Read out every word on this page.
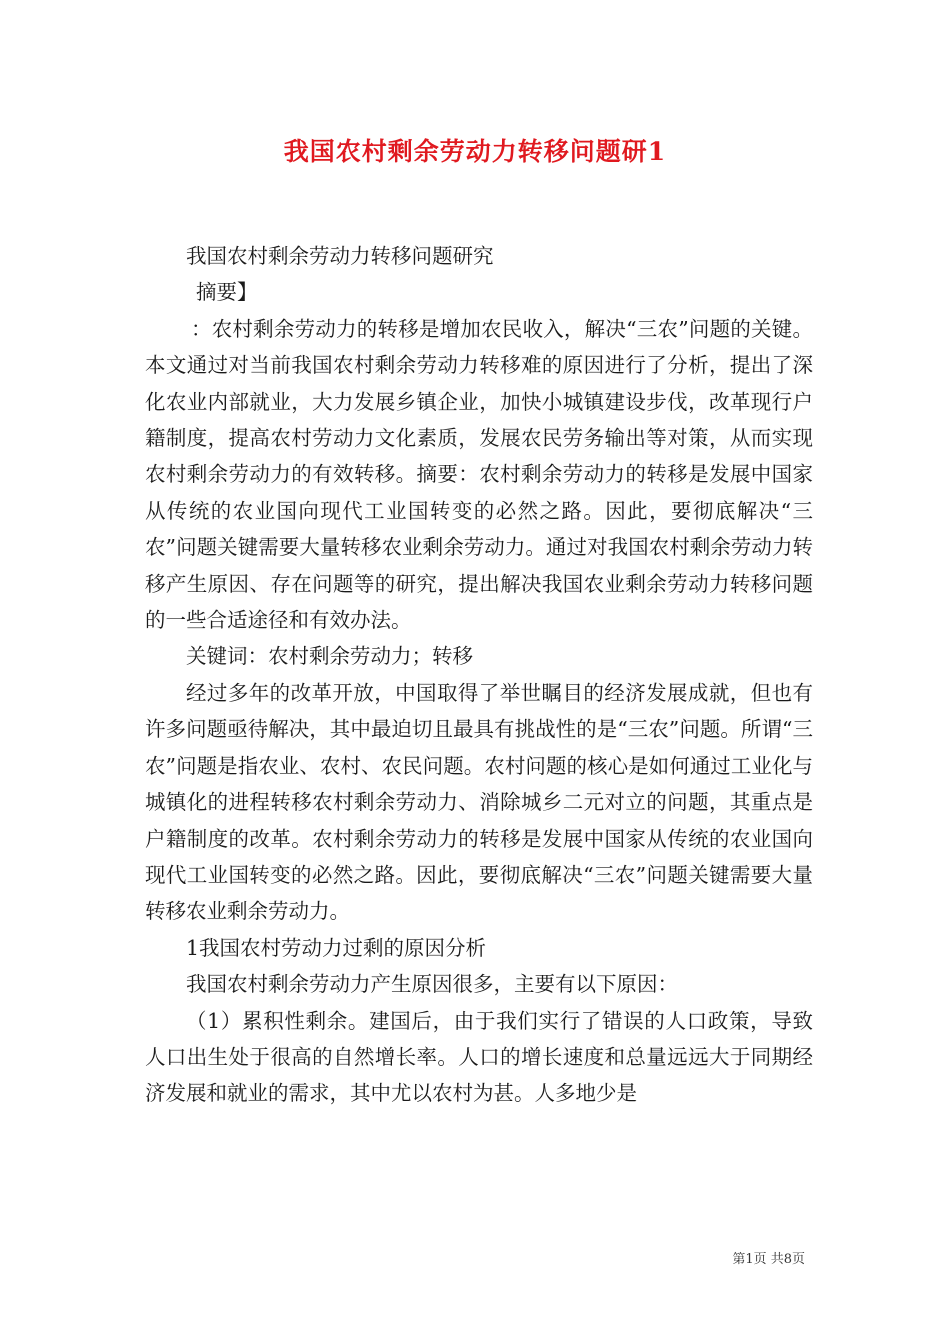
我国农村剩余劳动力转移问题研1

我国农村剩余劳动力转移问题研究

摘要】

：农村剩余劳动力的转移是增加农民收入，解决“三农”问题的关键。本文通过对当前我国农村剩余劳动力转移难的原因进行了分析，提出了深化农业内部就业，大力发展乡镇企业，加快小城镇建设步伐，改革现行户籍制度，提高农村劳动力文化素质，发展农民劳务输出等对策，从而实现农村剩余劳动力的有效转移。摘要：农村剩余劳动力的转移是发展中国家从传统的农业国向现代工业国转变的必然之路。因此，要彻底解决“三农”问题关键需要大量转移农业剩余劳动力。通过对我国农村剩余劳动力转移产生原因、存在问题等的研究，提出解决我国农业剩余劳动力转移问题的一些合适途径和有效办法。

关键词：农村剩余劳动力；转移

经过多年的改革开放，中国取得了举世瞩目的经济发展成就，但也有许多问题亟待解决，其中最迫切且最具有挑战性的是“三农”问题。所谓“三农”问题是指农业、农村、农民问题。农村问题的核心是如何通过工业化与城镇化的进程转移农村剩余劳动力、消除城乡二元对立的问题，其重点是户籍制度的改革。农村剩余劳动力的转移是发展中国家从传统的农业国向现代工业国转变的必然之路。因此，要彻底解决“三农”问题关键需要大量转移农业剩余劳动力。

1我国农村劳动力过剩的原因分析

我国农村剩余劳动力产生原因很多，主要有以下原因：

（1）累积性剩余。建国后，由于我们实行了错误的人口政策，导致人口出生处于很高的自然增长率。人口的增长速度和总量远远大于同期经济发展和就业的需求，其中尤以农村为甚。人多地少是

第1页 共8页
